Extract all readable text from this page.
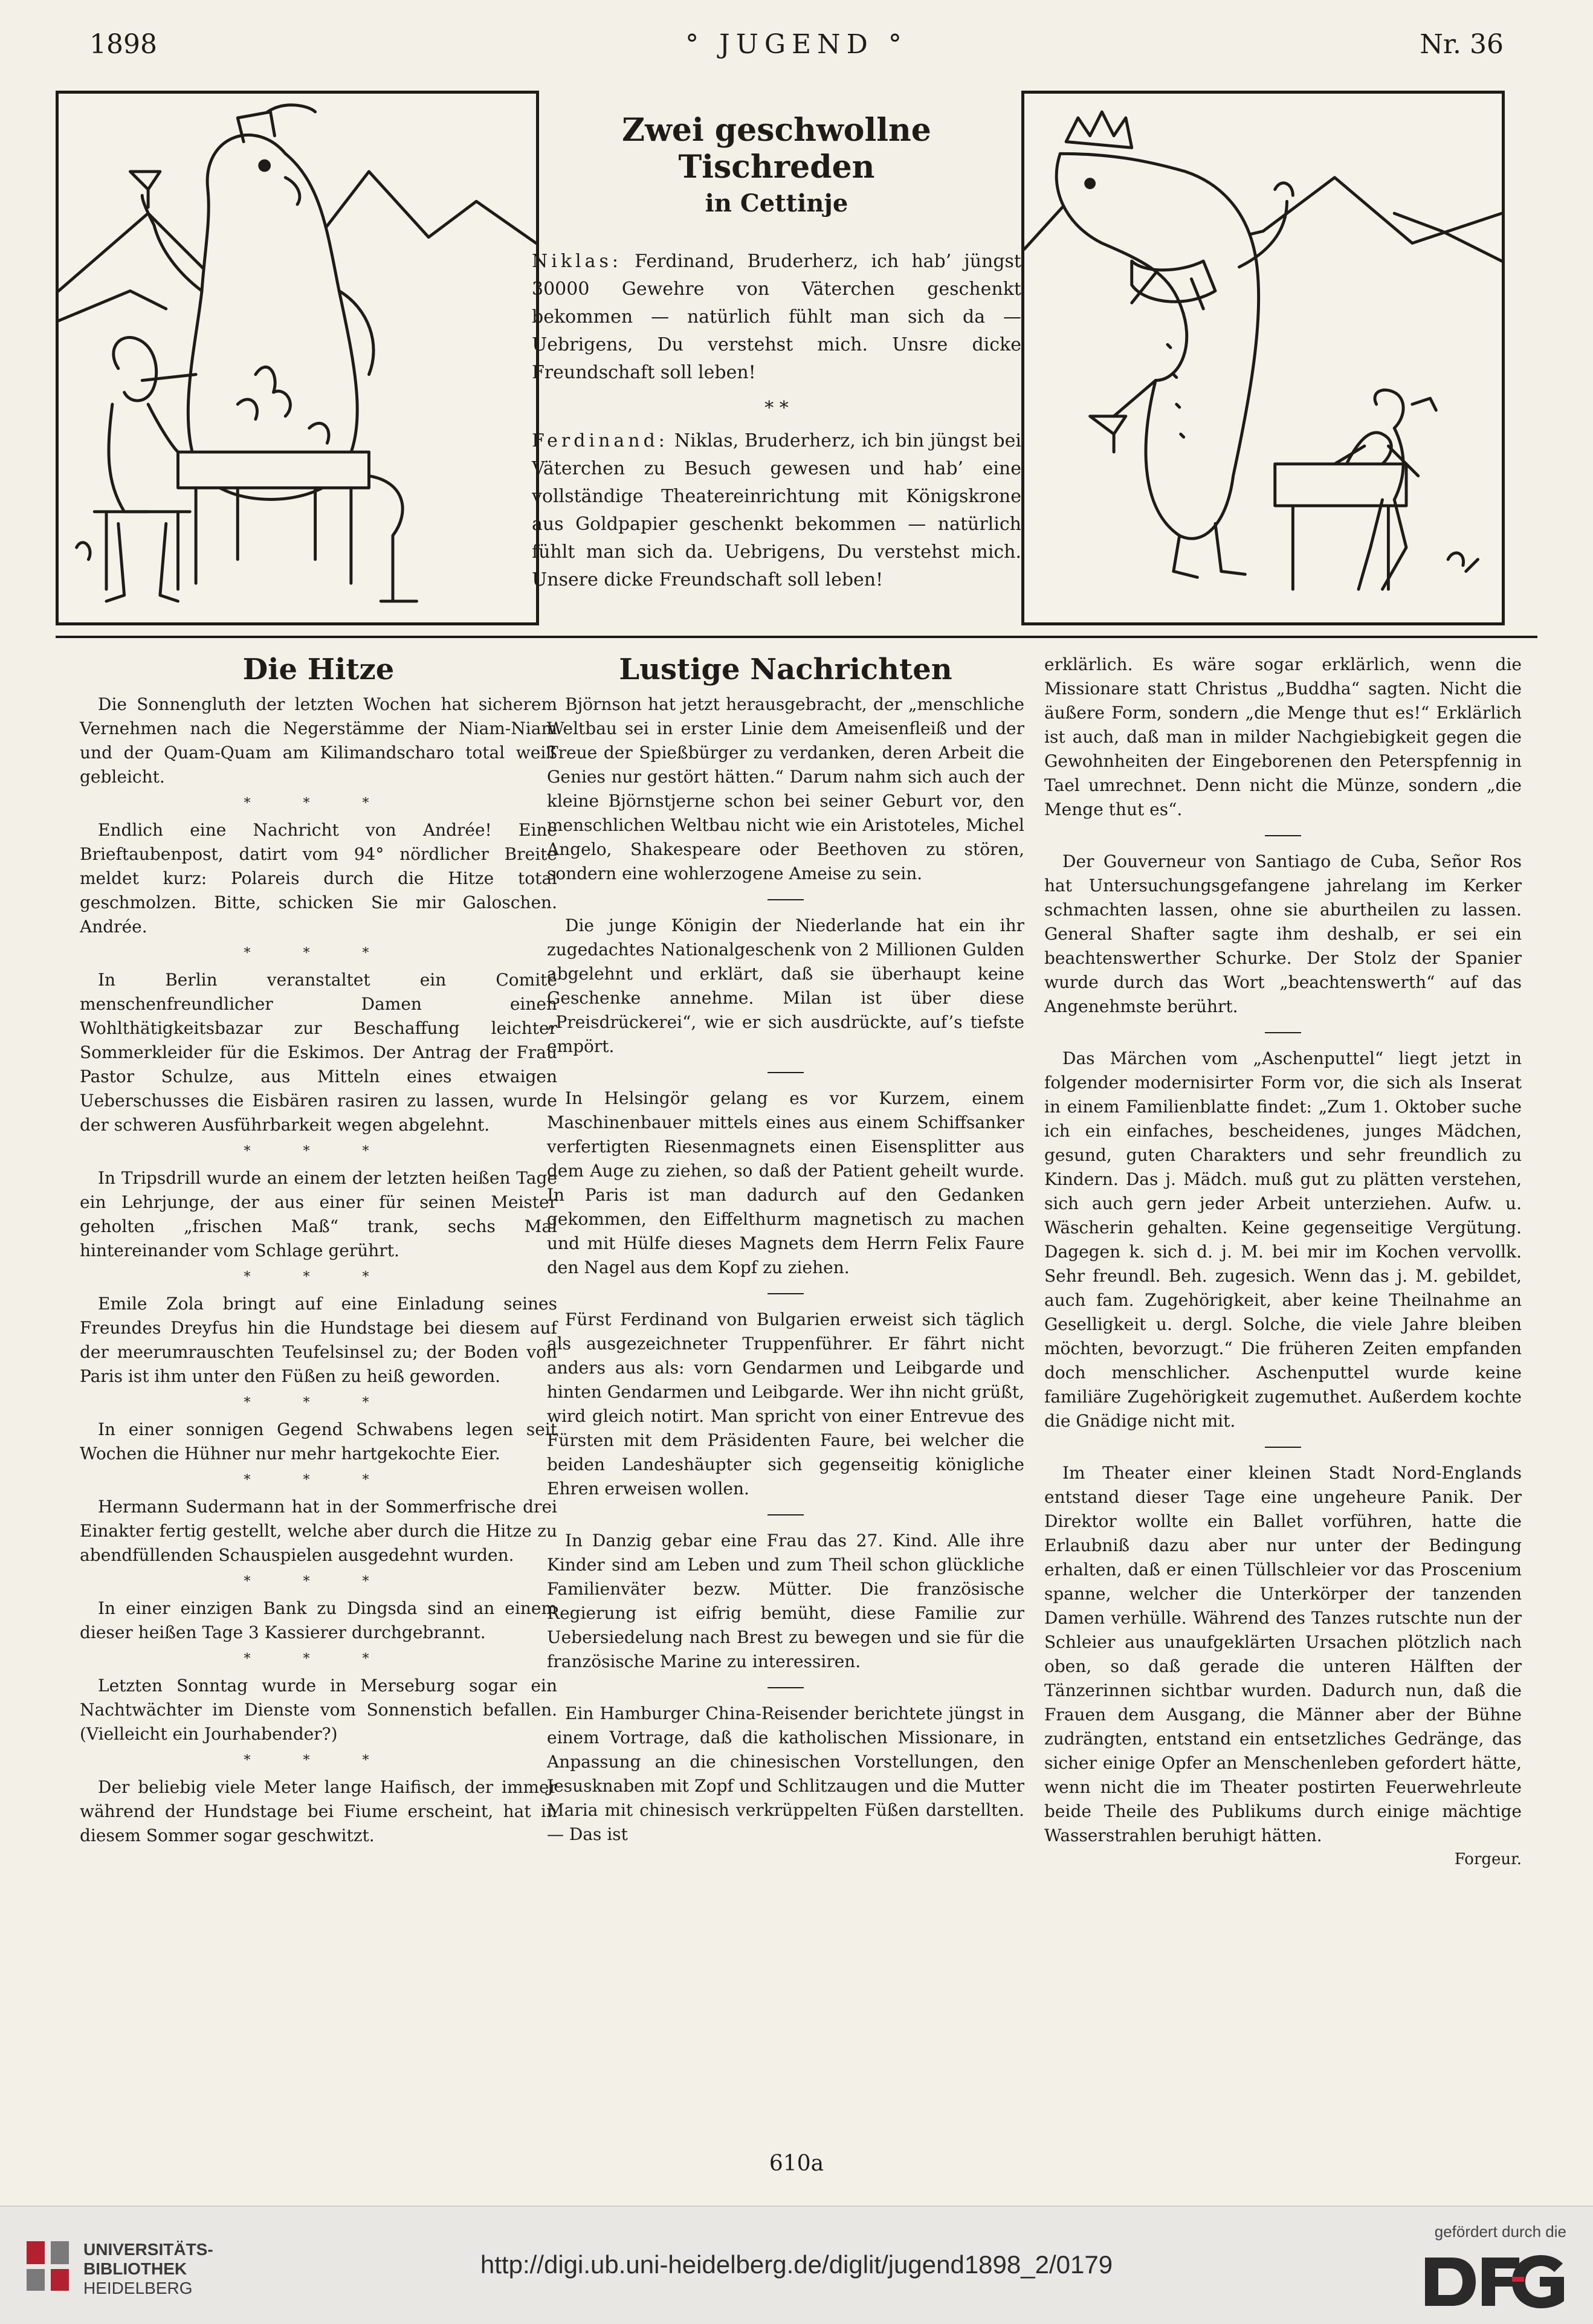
1898	° JUGEND °	Nr. 36
Zwei geschwollne Tischreden
in Cettinje

Niklas: Ferdinand, Bruderherz, ich hab’ jüngst 30000 Gewehre von Väterchen geschenkt bekommen — natürlich fühlt man sich da — Uebrigens, Du verstehst mich. Unsre dicke Freundschaft soll leben!

* *

Ferdinand: Niklas, Bruderherz, ich bin jüngst bei Väterchen zu Besuch gewesen und hab’ eine vollständige Theatereinrichtung mit Königskrone aus Goldpapier geschenkt bekommen — natürlich fühlt man sich da. Uebrigens, Du verstehst mich. Unsere dicke Freundschaft soll leben!

Die Hitze

Die Sonnengluth der letzten Wochen hat sicherem Vernehmen nach die Negerstämme der Niam-Niam und der Quam-Quam am Kilimandscharo total weiß gebleicht.

* * *

Endlich eine Nachricht von Andrée! Eine Brieftaubenpost, datirt vom 94° nördlicher Breite meldet kurz: Polareis durch die Hitze total geschmolzen. Bitte, schicken Sie mir Galoschen. Andrée.

* * *

In Berlin veranstaltet ein Comité menschenfreundlicher Damen einen Wohlthätigkeitsbazar zur Beschaffung leichter Sommerkleider für die Eskimos. Der Antrag der Frau Pastor Schulze, aus Mitteln eines etwaigen Ueberschusses die Eisbären rasiren zu lassen, wurde der schweren Ausführbarkeit wegen abgelehnt.

* * *

In Tripsdrill wurde an einem der letzten heißen Tage ein Lehrjunge, der aus einer für seinen Meister geholten „frischen Maß“ trank, sechs Mal hintereinander vom Schlage gerührt.

* * *

Emile Zola bringt auf eine Einladung seines Freundes Dreyfus hin die Hundstage bei diesem auf der meerumrauschten Teufelsinsel zu; der Boden von Paris ist ihm unter den Füßen zu heiß geworden.

* * *

In einer sonnigen Gegend Schwabens legen seit Wochen die Hühner nur mehr hartgekochte Eier.

* * *

Hermann Sudermann hat in der Sommerfrische drei Einakter fertig gestellt, welche aber durch die Hitze zu abendfüllenden Schauspielen ausgedehnt wurden.

* * *

In einer einzigen Bank zu Dingsda sind an einem dieser heißen Tage 3 Kassierer durchgebrannt.

* * *

Letzten Sonntag wurde in Merseburg sogar ein Nachtwächter im Dienste vom Sonnenstich befallen. (Vielleicht ein Jourhabender?)

* * *

Der beliebig viele Meter lange Haifisch, der immer während der Hundstage bei Fiume erscheint, hat in diesem Sommer sogar geschwitzt.

Lustige Nachrichten

Björnson hat jetzt herausgebracht, der „menschliche Weltbau sei in erster Linie dem Ameisenfleiß und der Treue der Spießbürger zu verdanken, deren Arbeit die Genies nur gestört hätten.“ Darum nahm sich auch der kleine Björnstjerne schon bei seiner Geburt vor, den menschlichen Weltbau nicht wie ein Aristoteles, Michel Angelo, Shakespeare oder Beethoven zu stören, sondern eine wohlerzogene Ameise zu sein.

Die junge Königin der Niederlande hat ein ihr zugedachtes Nationalgeschenk von 2 Millionen Gulden abgelehnt und erklärt, daß sie überhaupt keine Geschenke annehme. Milan ist über diese „Preisdrückerei“, wie er sich ausdrückte, auf’s tiefste empört.

In Helsingör gelang es vor Kurzem, einem Maschinenbauer mittels eines aus einem Schiffsanker verfertigten Riesenmagnets einen Eisensplitter aus dem Auge zu ziehen, so daß der Patient geheilt wurde. In Paris ist man dadurch auf den Gedanken gekommen, den Eiffelthurm magnetisch zu machen und mit Hülfe dieses Magnets dem Herrn Felix Faure den Nagel aus dem Kopf zu ziehen.

Fürst Ferdinand von Bulgarien erweist sich täglich als ausgezeichneter Truppenführer. Er fährt nicht anders aus als: vorn Gendarmen und Leibgarde und hinten Gendarmen und Leibgarde. Wer ihn nicht grüßt, wird gleich notirt. Man spricht von einer Entrevue des Fürsten mit dem Präsidenten Faure, bei welcher die beiden Landeshäupter sich gegenseitig königliche Ehren erweisen wollen.

In Danzig gebar eine Frau das 27. Kind. Alle ihre Kinder sind am Leben und zum Theil schon glückliche Familienväter bezw. Mütter. Die französische Regierung ist eifrig bemüht, diese Familie zur Uebersiedelung nach Brest zu bewegen und sie für die französische Marine zu interessiren.

Ein Hamburger China-Reisender berichtete jüngst in einem Vortrage, daß die katholischen Missionare, in Anpassung an die chinesischen Vorstellungen, den Jesusknaben mit Zopf und Schlitzaugen und die Mutter Maria mit chinesisch verkrüppelten Füßen darstellten. — Das ist

erklärlich. Es wäre sogar erklärlich, wenn die Missionare statt Christus „Buddha“ sagten. Nicht die äußere Form, sondern „die Menge thut es!“ Erklärlich ist auch, daß man in milder Nachgiebigkeit gegen die Gewohnheiten der Eingeborenen den Peterspfennig in Tael umrechnet. Denn nicht die Münze, sondern „die Menge thut es“.

Der Gouverneur von Santiago de Cuba, Señor Ros hat Untersuchungsgefangene jahrelang im Kerker schmachten lassen, ohne sie aburtheilen zu lassen. General Shafter sagte ihm deshalb, er sei ein beachtenswerther Schurke. Der Stolz der Spanier wurde durch das Wort „beachtenswerth“ auf das Angenehmste berührt.

Das Märchen vom „Aschenputtel“ liegt jetzt in folgender modernisirter Form vor, die sich als Inserat in einem Familienblatte findet: „Zum 1. Oktober suche ich ein einfaches, bescheidenes, junges Mädchen, gesund, guten Charakters und sehr freundlich zu Kindern. Das j. Mädch. muß gut zu plätten verstehen, sich auch gern jeder Arbeit unterziehen. Aufw. u. Wäscherin gehalten. Keine gegenseitige Vergütung. Dagegen k. sich d. j. M. bei mir im Kochen vervollk. Sehr freundl. Beh. zugesich. Wenn das j. M. gebildet, auch fam. Zugehörigkeit, aber keine Theilnahme an Geselligkeit u. dergl. Solche, die viele Jahre bleiben möchten, bevorzugt.“ Die früheren Zeiten empfanden doch menschlicher. Aschenputtel wurde keine familiäre Zugehörigkeit zugemuthet. Außerdem kochte die Gnädige nicht mit.

Im Theater einer kleinen Stadt Nord-Englands entstand dieser Tage eine ungeheure Panik. Der Direktor wollte ein Ballet vorführen, hatte die Erlaubniß dazu aber nur unter der Bedingung erhalten, daß er einen Tüllschleier vor das Proscenium spanne, welcher die Unterkörper der tanzenden Damen verhülle. Während des Tanzes rutschte nun der Schleier aus unaufgeklärten Ursachen plötzlich nach oben, so daß gerade die unteren Hälften der Tänzerinnen sichtbar wurden. Dadurch nun, daß die Frauen dem Ausgang, die Männer aber der Bühne zudrängten, entstand ein entsetzliches Gedränge, das sicher einige Opfer an Menschenleben gefordert hätte, wenn nicht die im Theater postirten Feuerwehrleute beide Theile des Publikums durch einige mächtige Wasserstrahlen beruhigt hätten.

Forgeur.
610a
UNIVERSITÄTS-
BIBLIOTHEK
HEIDELBERG
http://digi.ub.uni-heidelberg.de/diglit/jugend1898_2/0179
gefördert durch die
